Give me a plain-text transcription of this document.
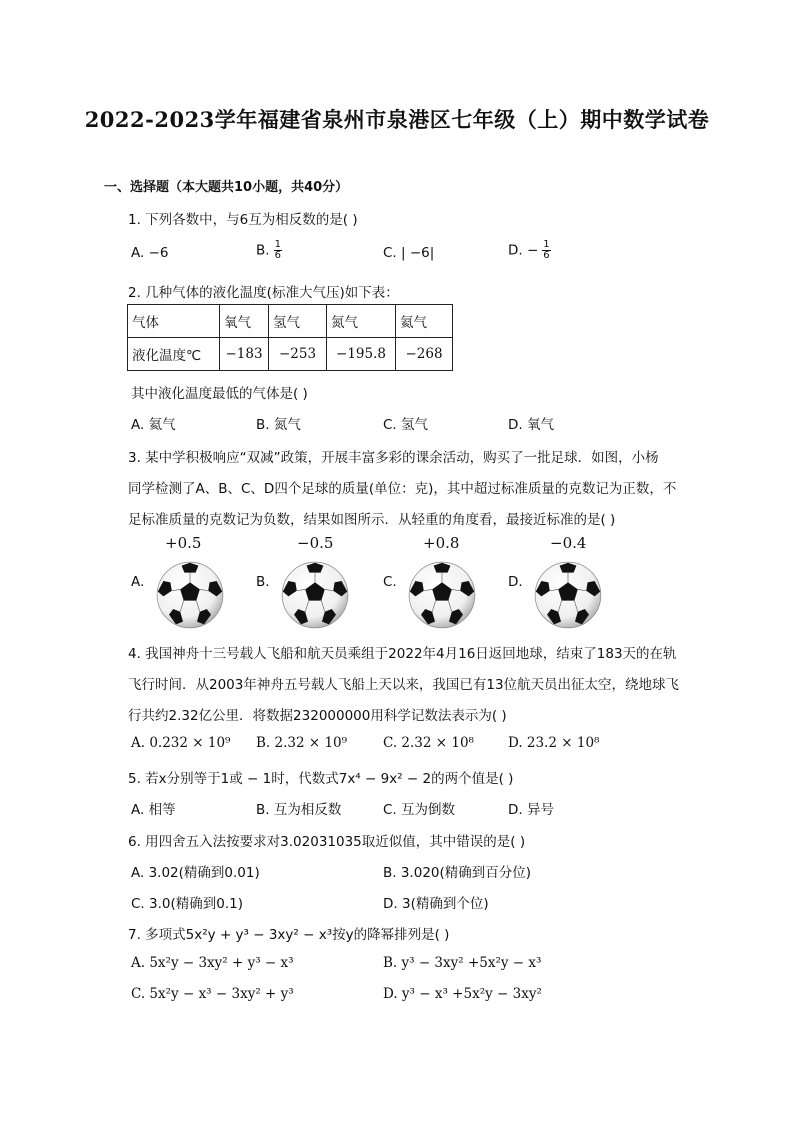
2022-2023学年福建省泉州市泉港区七年级（上）期中数学试卷
一、选择题（本大题共10小题，共40分）
1. 下列各数中，与6互为相反数的是( )
A. −6	B. $\frac{1}{6}$	C. | −6|	D. − $\frac{1}{6}$
2. 几种气体的液化温度(标准大气压)如下表：
气体	氧气	氢气	氮气	氦气
液化温度℃	−183	−253	−195.8	−268
其中液化温度最低的气体是( )
A. 氦气	B. 氮气	C. 氢气	D. 氧气
3. 某中学积极响应“双减”政策，开展丰富多彩的课余活动，购买了一批足球．如图，小杨
同学检测了A、B、C、D四个足球的质量(单位：克)，其中超过标准质量的克数记为正数，不
足标准质量的克数记为负数，结果如图所示．从轻重的角度看，最接近标准的是( )
+0.5
A.
−0.5
B.
+0.8
C.
−0.4
D.
4. 我国神舟十三号载人飞船和航天员乘组于2022年4月16日返回地球，结束了183天的在轨
飞行时间．从2003年神舟五号载人飞船上天以来，我国已有13位航天员出征太空，绕地球飞
行共约2.32亿公里．将数据232000000用科学记数法表示为( )
A. 0.232 × 10⁹ B. 2.32 × 10⁹	C. 2.32 × 10⁸	D. 23.2 × 10⁸
5. 若x分别等于1或 − 1时，代数式7x⁴ − 9x² − 2的两个值是( )
A. 相等	B. 互为相反数	C. 互为倒数	D. 异号
6. 用四舍五入法按要求对3.02031035取近似值，其中错误的是( )
A. 3.02(精确到0.01)	B. 3.020(精确到百分位)
C. 3.0(精确到0.1)	D. 3(精确到个位)
7. 多项式5x²y + y³ − 3xy² − x³按y的降幂排列是( )
A. 5x²y − 3xy² + y³ − x³	B. y³ − 3xy² +5x²y − x³
C. 5x²y − x³ − 3xy² + y³	D. y³ − x³ +5x²y − 3xy²
